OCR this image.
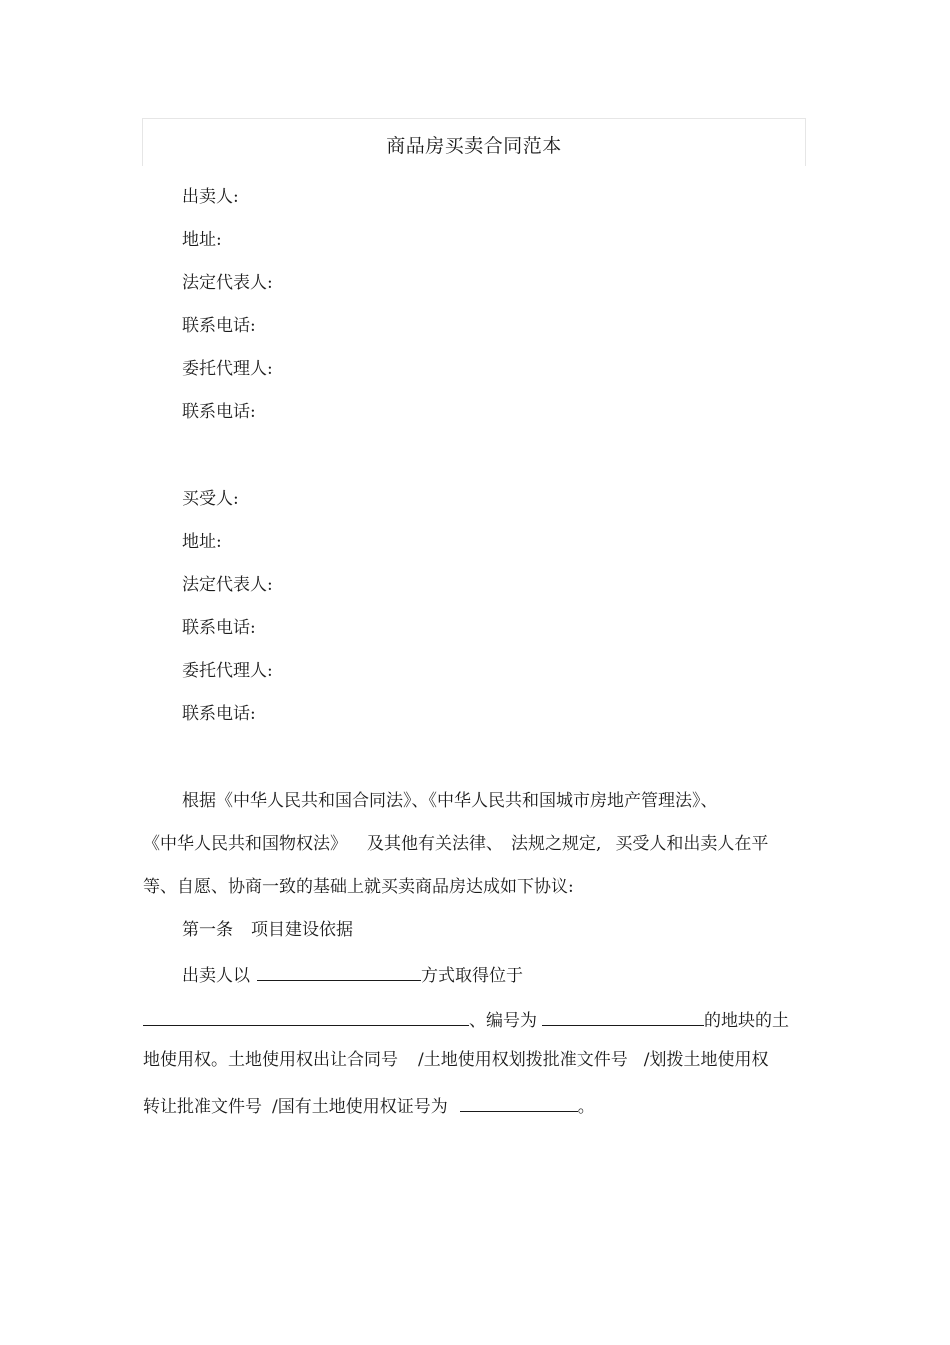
商品房买卖合同范本
出卖人:
地址:
法定代表人:
联系电话:
委托代理人:
联系电话:
买受人:
地址:
法定代表人:
联系电话:
委托代理人:
联系电话:
根据《中华人民共和国合同法》、《中华人民共和国城市房地产管理法》、
《中华人民共和国物权法》 及其他有关法律、 法规之规定, 买受人和出卖人在平
等、自愿、协商一致的基础上就买卖商品房达成如下协议:
第一条 项目建设依据
出卖人以	方式取得位于
、编号为	的地块的土
地使用权。土地使用权出让合同号 /土地使用权划拨批准文件号 /划拨土地使用权
转让批准文件号 /国有土地使用权证号为	。
